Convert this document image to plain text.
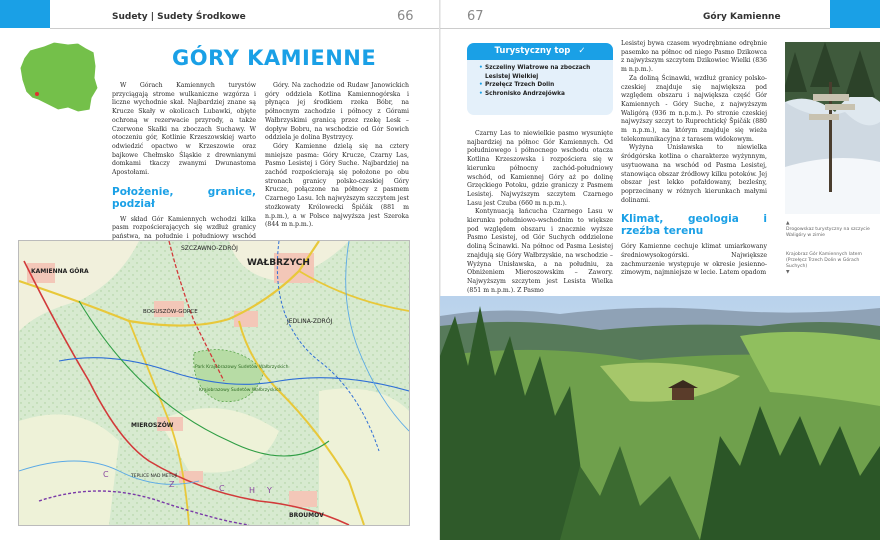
Sudety | Sudety Środkowe	66
GÓRY KAMIENNE

W Górach Kamiennych turystów przyciągają strome wulkaniczne wzgórza i liczne wychodnie skał. Najbardziej znane są Krucze Skały w okolicach Lubawki, objęte ochroną w rezerwacie przyrody, a także Czerwone Skałki na zboczach Suchawy. W otoczeniu gór, Kotlinie Krzeszowskiej warto odwiedzić opactwo w Krzeszowie oraz bajkowe Chełmsko Śląskie z drewnianymi domkami tkaczy zwanymi Dwunastoma Apostołami.

Położenie, granice, podział

W skład Gór Kamiennych wchodzi kilka pasm rozpościerających się wzdłuż granicy państwa, na południe i południowy wschód

Góry. Na zachodzie od Rudaw Janowickich góry oddziela Kotlina Kamiennogórska i płynąca jej środkiem rzeka Bóbr, na północnym zachodzie i północy z Górami Wałbrzyskimi granicą przez rzekę Lesk – dopływ Bobru, na wschodzie od Gór Sowich oddziela je dolina Bystrzycy.

Góry Kamienne dzielą się na cztery mniejsze pasma: Góry Krucze, Czarny Las, Pasmo Lesistej i Góry Suche. Najbardziej na zachód rozpościerają się położone po obu stronach granicy polsko-czeskiej Góry Krucze, połączone na północy z pasmem Czarnego Lasu. Ich najwyższym szczytem jest stożkowaty Królowecki Špičák (881 m n.p.m.), a w Polsce najwyższa jest Szeroka (844 m n.p.m.).

SZCZAWNO-ZDRÓJ
KAMIENNA GÓRA
WAŁBRZYCH
BOGUSZÓW-GORCE
JEDLINA-ZDRÓJ
Park Krajobrazowy Sudetów Wałbrzyskich
Krajobrazowy Sudetów Wałbrzyskich
MIEROSZÓW
TEPLICE NAD METUJÍ
BROUMOV
C
Z	C	H Y
67	Góry Kamienne
Turystyczny top ✓
• Szczeliny Wiatrowe na zboczach Lesistej Wielkiej
• Przełęcz Trzech Dolin
• Schronisko Andrzejówka

Czarny Las to niewielkie pasmo wysunięte najbardziej na północ Gór Kamiennych. Od południowego i północnego wschodu otacza Kotlina Krzeszowska i rozpościera się w kierunku północny zachód-południowy wschód, od Kamiennej Góry aż po dolinę Grzęckiego Potoku, gdzie graniczy z Pasmem Lesistej. Najwyższym szczytem Czarnego Lasu jest Czuba (660 m n.p.m.).

Kontynuacją łańcucha Czarnego Lasu w kierunku południowo-wschodnim to większe pod względem obszaru i znacznie wyższe Pasmo Lesistej, od Gór Suchych oddzielone doliną Ścinawki. Na północ od Pasma Lesistej znajdują się Góry Wałbrzyskie, na wschodzie – Wyżyna Unisławska, a na południu, za Obniżeniem Mieroszowskim – Zawory. Najwyższym szczytem jest Lesista Wielka (851 m n.p.m.). Z Pasmo

Lesistej bywa czasem wyodrębniane odrębnie pasemko na północ od niego Pasmo Dzikowca z najwyższym szczytem Dzikowiec Wielki (836 m n.p.m.).

Za doliną Ścinawki, wzdłuż granicy polsko-czeskiej znajduje się największa pod względem obszaru i największa część Gór Kamiennych - Góry Suche, z najwyższym Waligórą (936 m n.p.m.). Po stronie czeskiej najwyższy szczyt to Ruprechtický Špičák (880 m n.p.m.), na którym znajduje się wieża telekomunikacyjna z tarasem widokowym.

Wyżyna Unisławska to niewielka śródgórska kotlina o charakterze wyżynnym, usytuowana na wschód od Pasma Lesistej, stanowiąca obszar źródłowy kilku potoków. Jej obszar jest lekko pofałdowany, bezleśny, poprzecinany w różnych kierunkach małymi dolinami.

Klimat, geologia i rzeźba terenu

Góry Kamienne cechuje klimat umiarkowany średniowysokogórski. Największe zachmurzenie występuje w okresie jesienno-zimowym, najmniejsze w lecie. Latem opadom

▲
Drogowskaz turystyczny na szczycie Waligóry w zimie
Krajobraz Gór Kamiennych latem (Przełęcz Trzech Dolin w Górach Suchych)
▼
